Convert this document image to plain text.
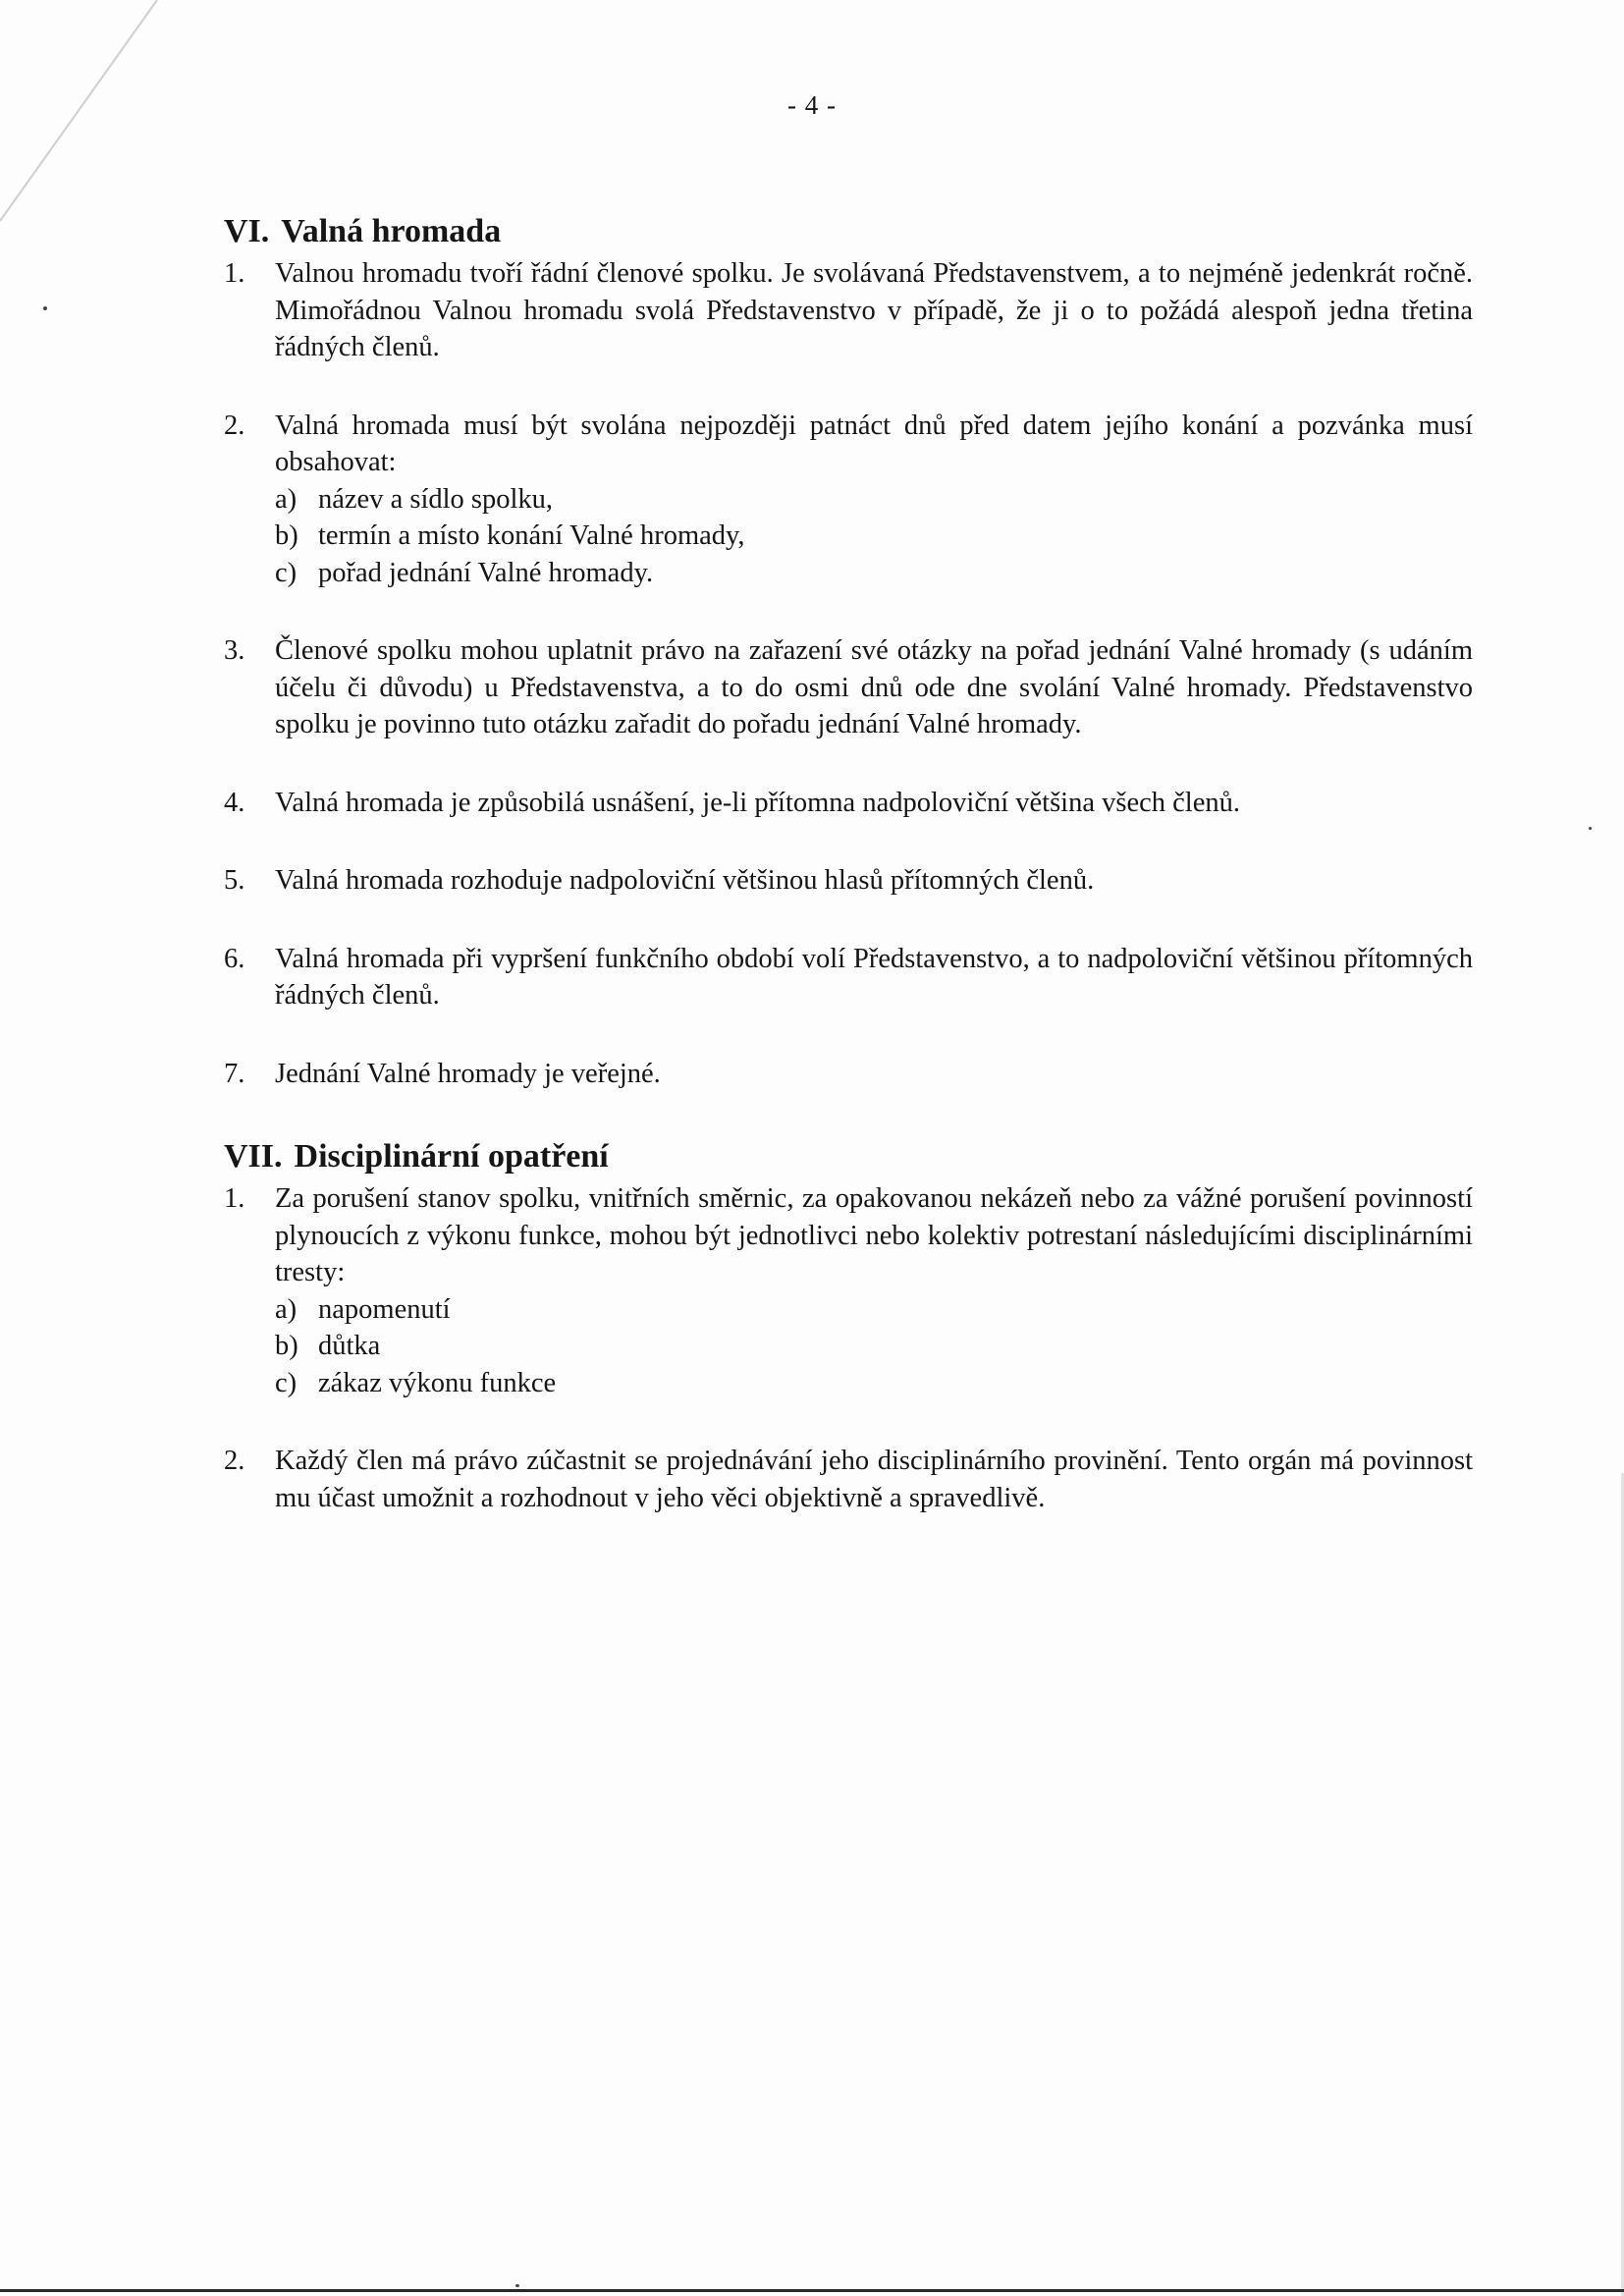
- 4 -
VI. Valná hromada
1. Valnou hromadu tvoří řádní členové spolku. Je svolávaná Představenstvem, a to nejméně jedenkrát ročně. Mimořádnou Valnou hromadu svolá Představenstvo v případě, že ji o to požádá alespoň jedna třetina řádných členů.
2. Valná hromada musí být svolána nejpozději patnáct dnů před datem jejího konání a pozvánka musí obsahovat:
a) název a sídlo spolku,
b) termín a místo konání Valné hromady,
c) pořad jednání Valné hromady.
3. Členové spolku mohou uplatnit právo na zařazení své otázky na pořad jednání Valné hromady (s udáním účelu či důvodu) u Představenstva, a to do osmi dnů ode dne svolání Valné hromady. Představenstvo spolku je povinno tuto otázku zařadit do pořadu jednání Valné hromady.
4. Valná hromada je způsobilá usnášení, je-li přítomna nadpoloviční většina všech členů.
5. Valná hromada rozhoduje nadpoloviční většinou hlasů přítomných členů.
6. Valná hromada při vypršení funkčního období volí Představenstvo, a to nadpoloviční většinou přítomných řádných členů.
7. Jednání Valné hromady je veřejné.
VII. Disciplinární opatření
1. Za porušení stanov spolku, vnitřních směrnic, za opakovanou nekázeň nebo za vážné porušení povinností plynoucích z výkonu funkce, mohou být jednotlivci nebo kolektiv potrestaní následujícími disciplinárními tresty:
a) napomenutí
b) důtka
c) zákaz výkonu funkce
2. Každý člen má právo zúčastnit se projednávání jeho disciplinárního provinění. Tento orgán má povinnost mu účast umožnit a rozhodnout v jeho věci objektivně a spravedlivě.
